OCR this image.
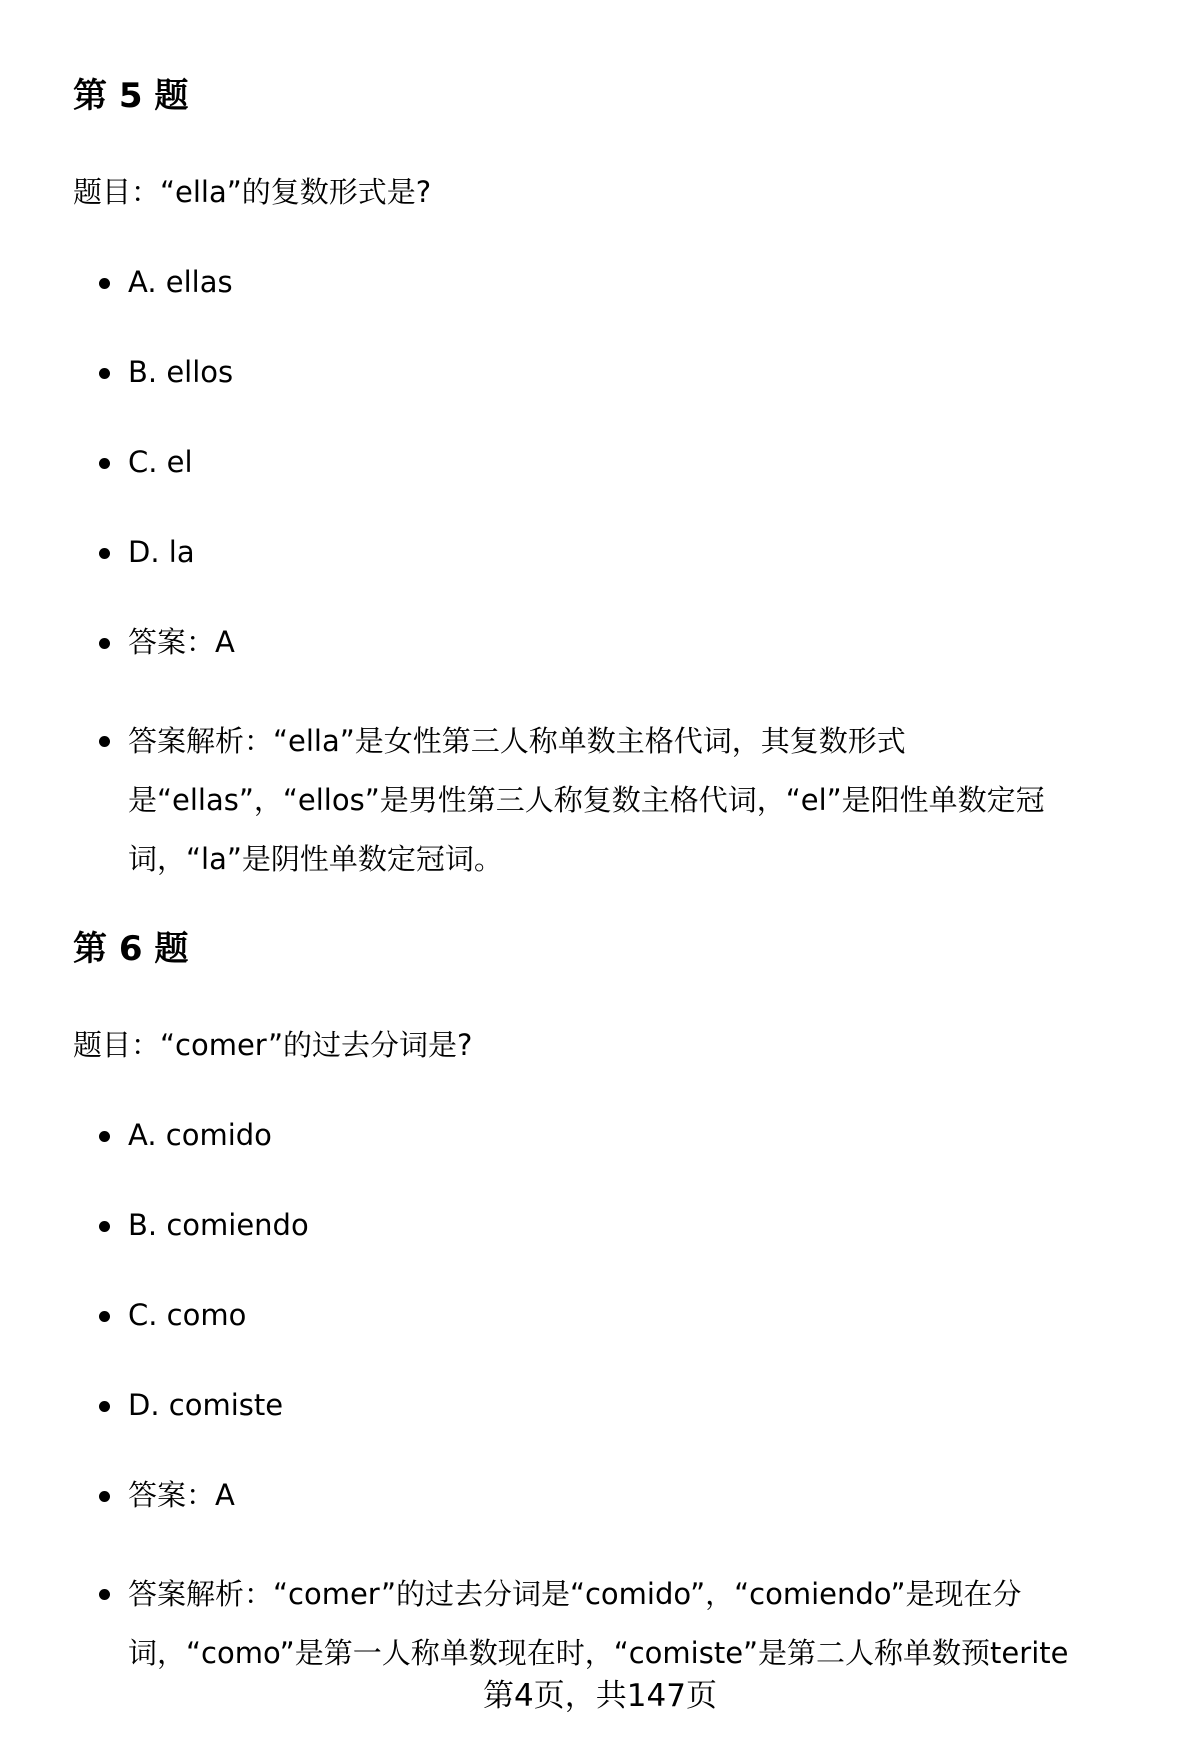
第 5 题

题目：“ella”的复数形式是?

A. ellas
B. ellos
C. el
D. la
答案：A
答案解析：“ella”是女性第三人称单数主格代词，其复数形式是“ellas”，“ellos”是男性第三人称复数主格代词，“el”是阳性单数定冠词，“la”是阴性单数定冠词。
第 6 题

题目：“comer”的过去分词是?

A. comido
B. comiendo
C. como
D. comiste
答案：A
答案解析：“comer”的过去分词是“comido”，“comiendo”是现在分词，“como”是第一人称单数现在时，“comiste”是第二人称单数预terite
第4页，共147页
